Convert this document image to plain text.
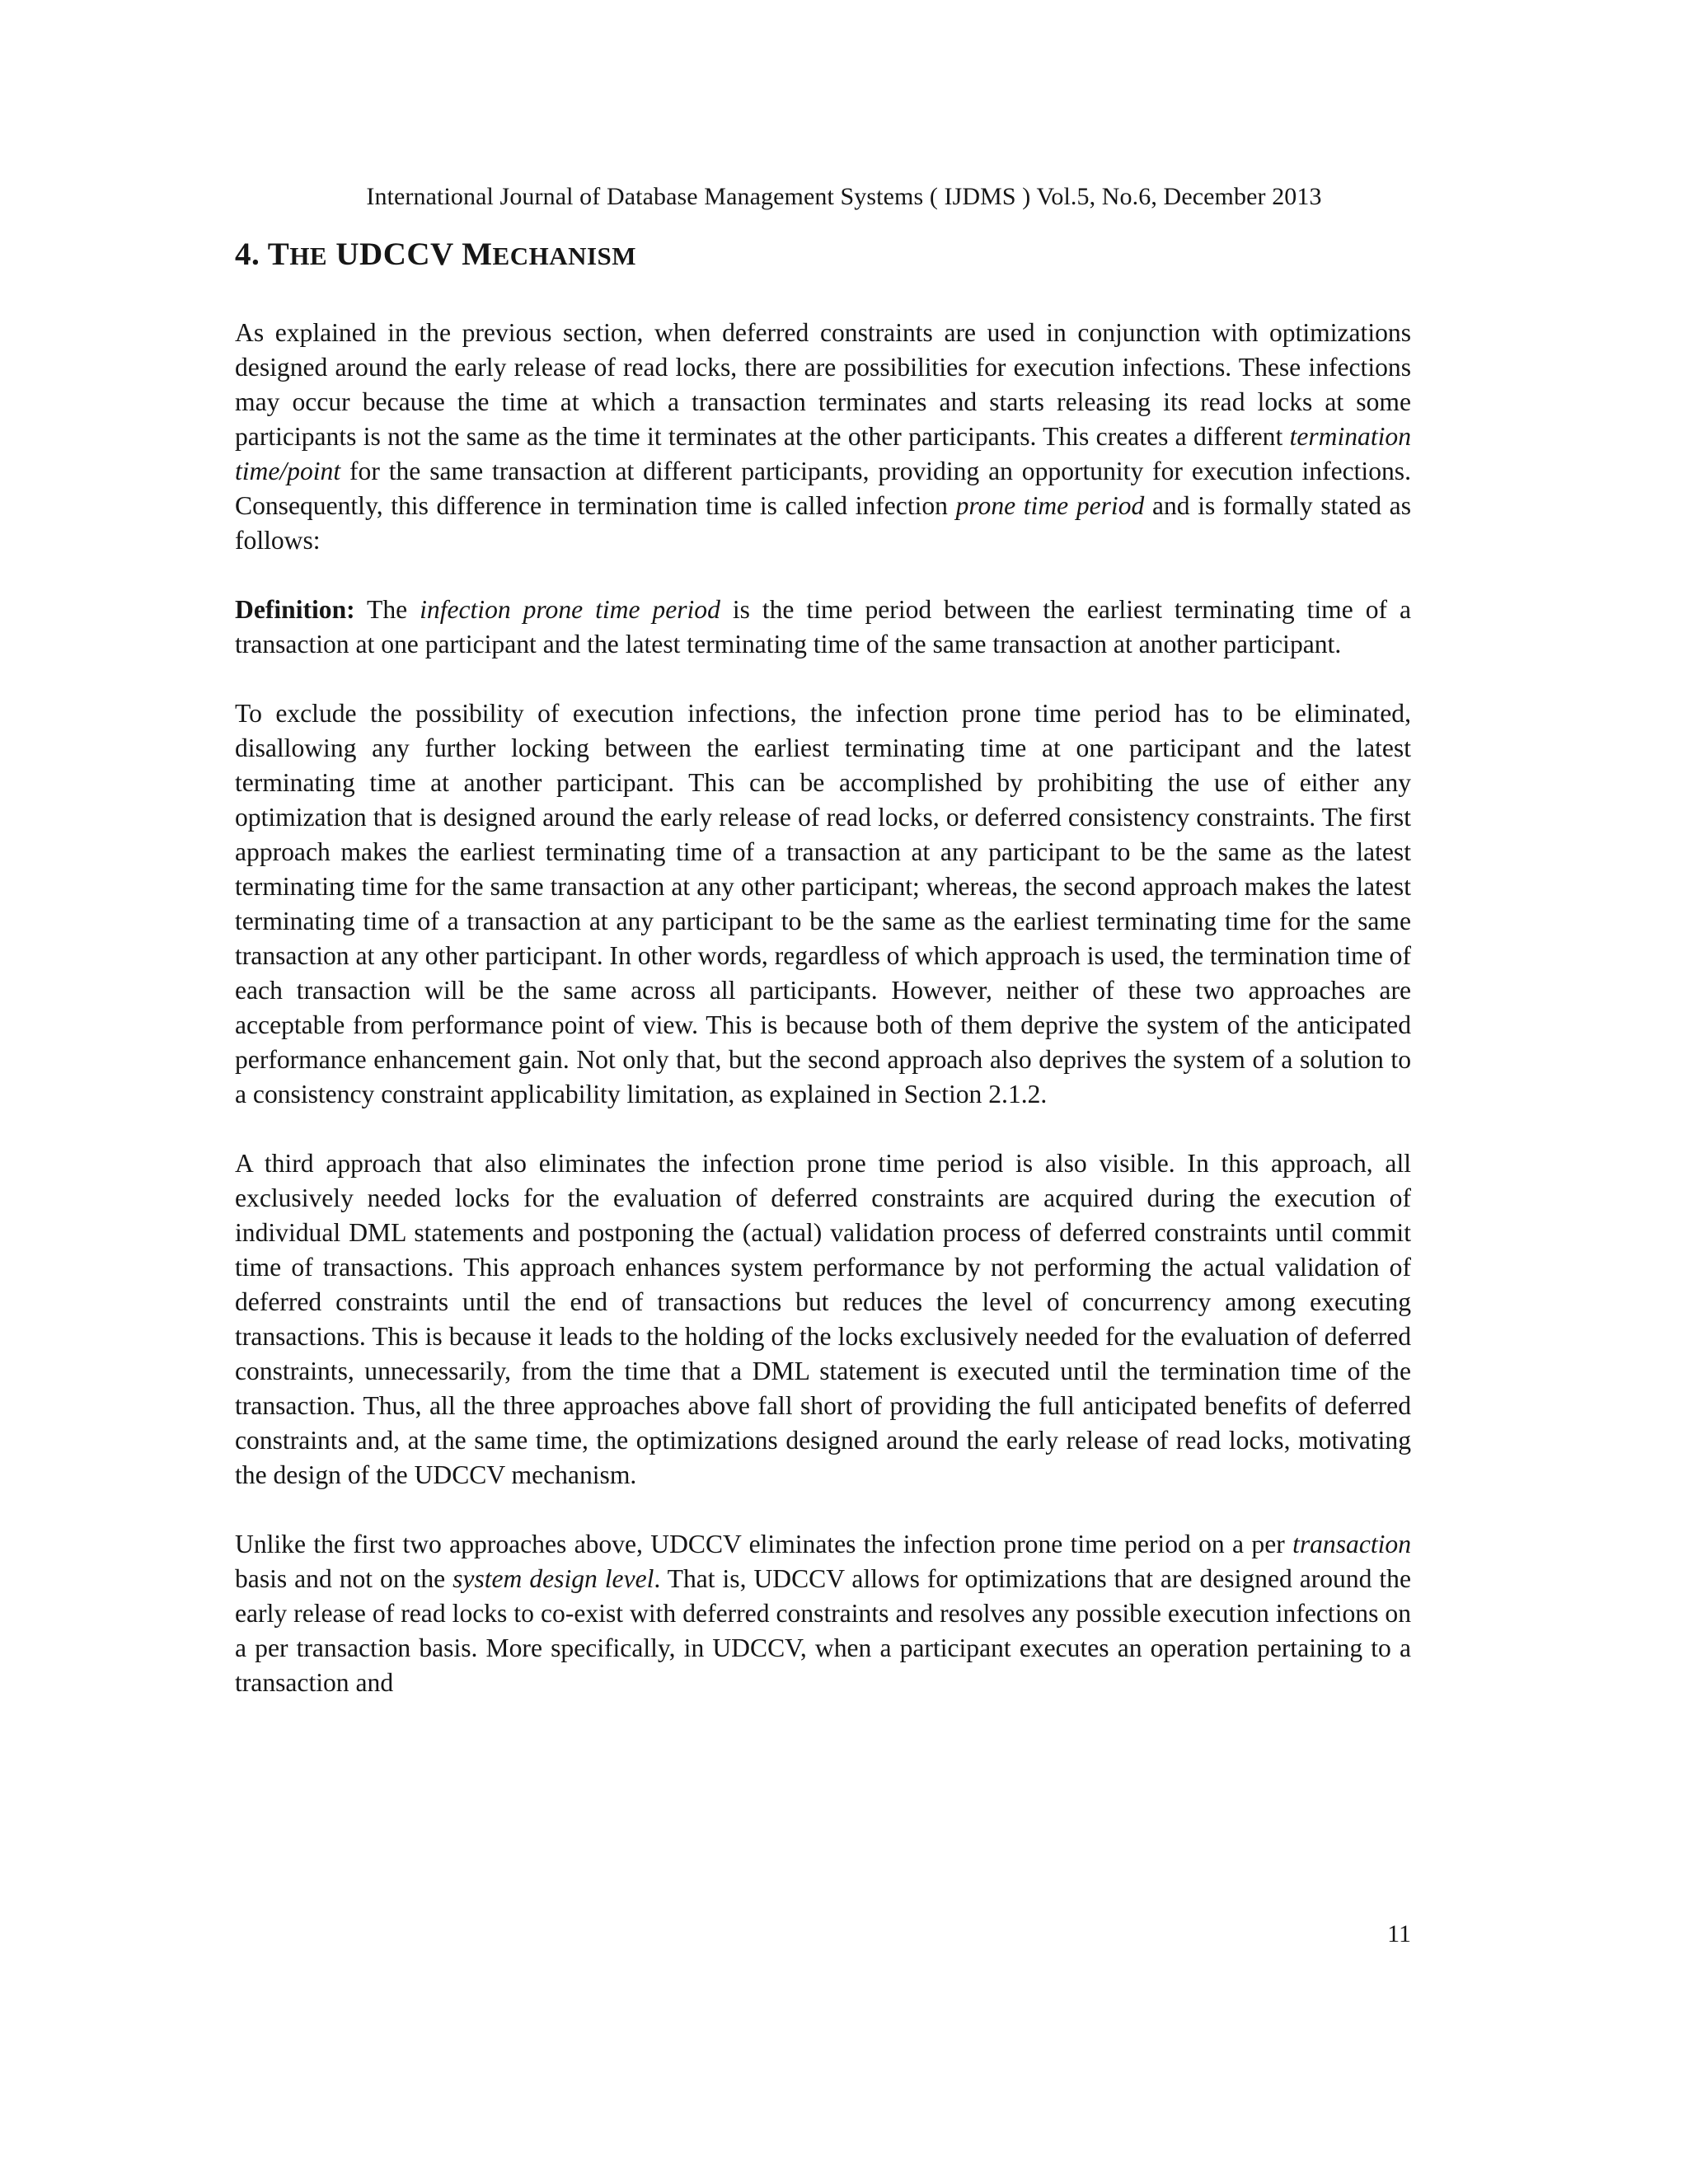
International Journal of Database Management Systems ( IJDMS ) Vol.5, No.6, December 2013
4. THE UDCCV MECHANISM

As explained in the previous section, when deferred constraints are used in conjunction with optimizations designed around the early release of read locks, there are possibilities for execution infections. These infections may occur because the time at which a transaction terminates and starts releasing its read locks at some participants is not the same as the time it terminates at the other participants. This creates a different termination time/point for the same transaction at different participants, providing an opportunity for execution infections. Consequently, this difference in termination time is called infection prone time period and is formally stated as follows:

Definition: The infection prone time period is the time period between the earliest terminating time of a transaction at one participant and the latest terminating time of the same transaction at another participant.

To exclude the possibility of execution infections, the infection prone time period has to be eliminated, disallowing any further locking between the earliest terminating time at one participant and the latest terminating time at another participant. This can be accomplished by prohibiting the use of either any optimization that is designed around the early release of read locks, or deferred consistency constraints. The first approach makes the earliest terminating time of a transaction at any participant to be the same as the latest terminating time for the same transaction at any other participant; whereas, the second approach makes the latest terminating time of a transaction at any participant to be the same as the earliest terminating time for the same transaction at any other participant. In other words, regardless of which approach is used, the termination time of each transaction will be the same across all participants. However, neither of these two approaches are acceptable from performance point of view. This is because both of them deprive the system of the anticipated performance enhancement gain. Not only that, but the second approach also deprives the system of a solution to a consistency constraint applicability limitation, as explained in Section 2.1.2.

A third approach that also eliminates the infection prone time period is also visible. In this approach, all exclusively needed locks for the evaluation of deferred constraints are acquired during the execution of individual DML statements and postponing the (actual) validation process of deferred constraints until commit time of transactions. This approach enhances system performance by not performing the actual validation of deferred constraints until the end of transactions but reduces the level of concurrency among executing transactions. This is because it leads to the holding of the locks exclusively needed for the evaluation of deferred constraints, unnecessarily, from the time that a DML statement is executed until the termination time of the transaction. Thus, all the three approaches above fall short of providing the full anticipated benefits of deferred constraints and, at the same time, the optimizations designed around the early release of read locks, motivating the design of the UDCCV mechanism.

Unlike the first two approaches above, UDCCV eliminates the infection prone time period on a per transaction basis and not on the system design level. That is, UDCCV allows for optimizations that are designed around the early release of read locks to co-exist with deferred constraints and resolves any possible execution infections on a per transaction basis. More specifically, in UDCCV, when a participant executes an operation pertaining to a transaction and

11
